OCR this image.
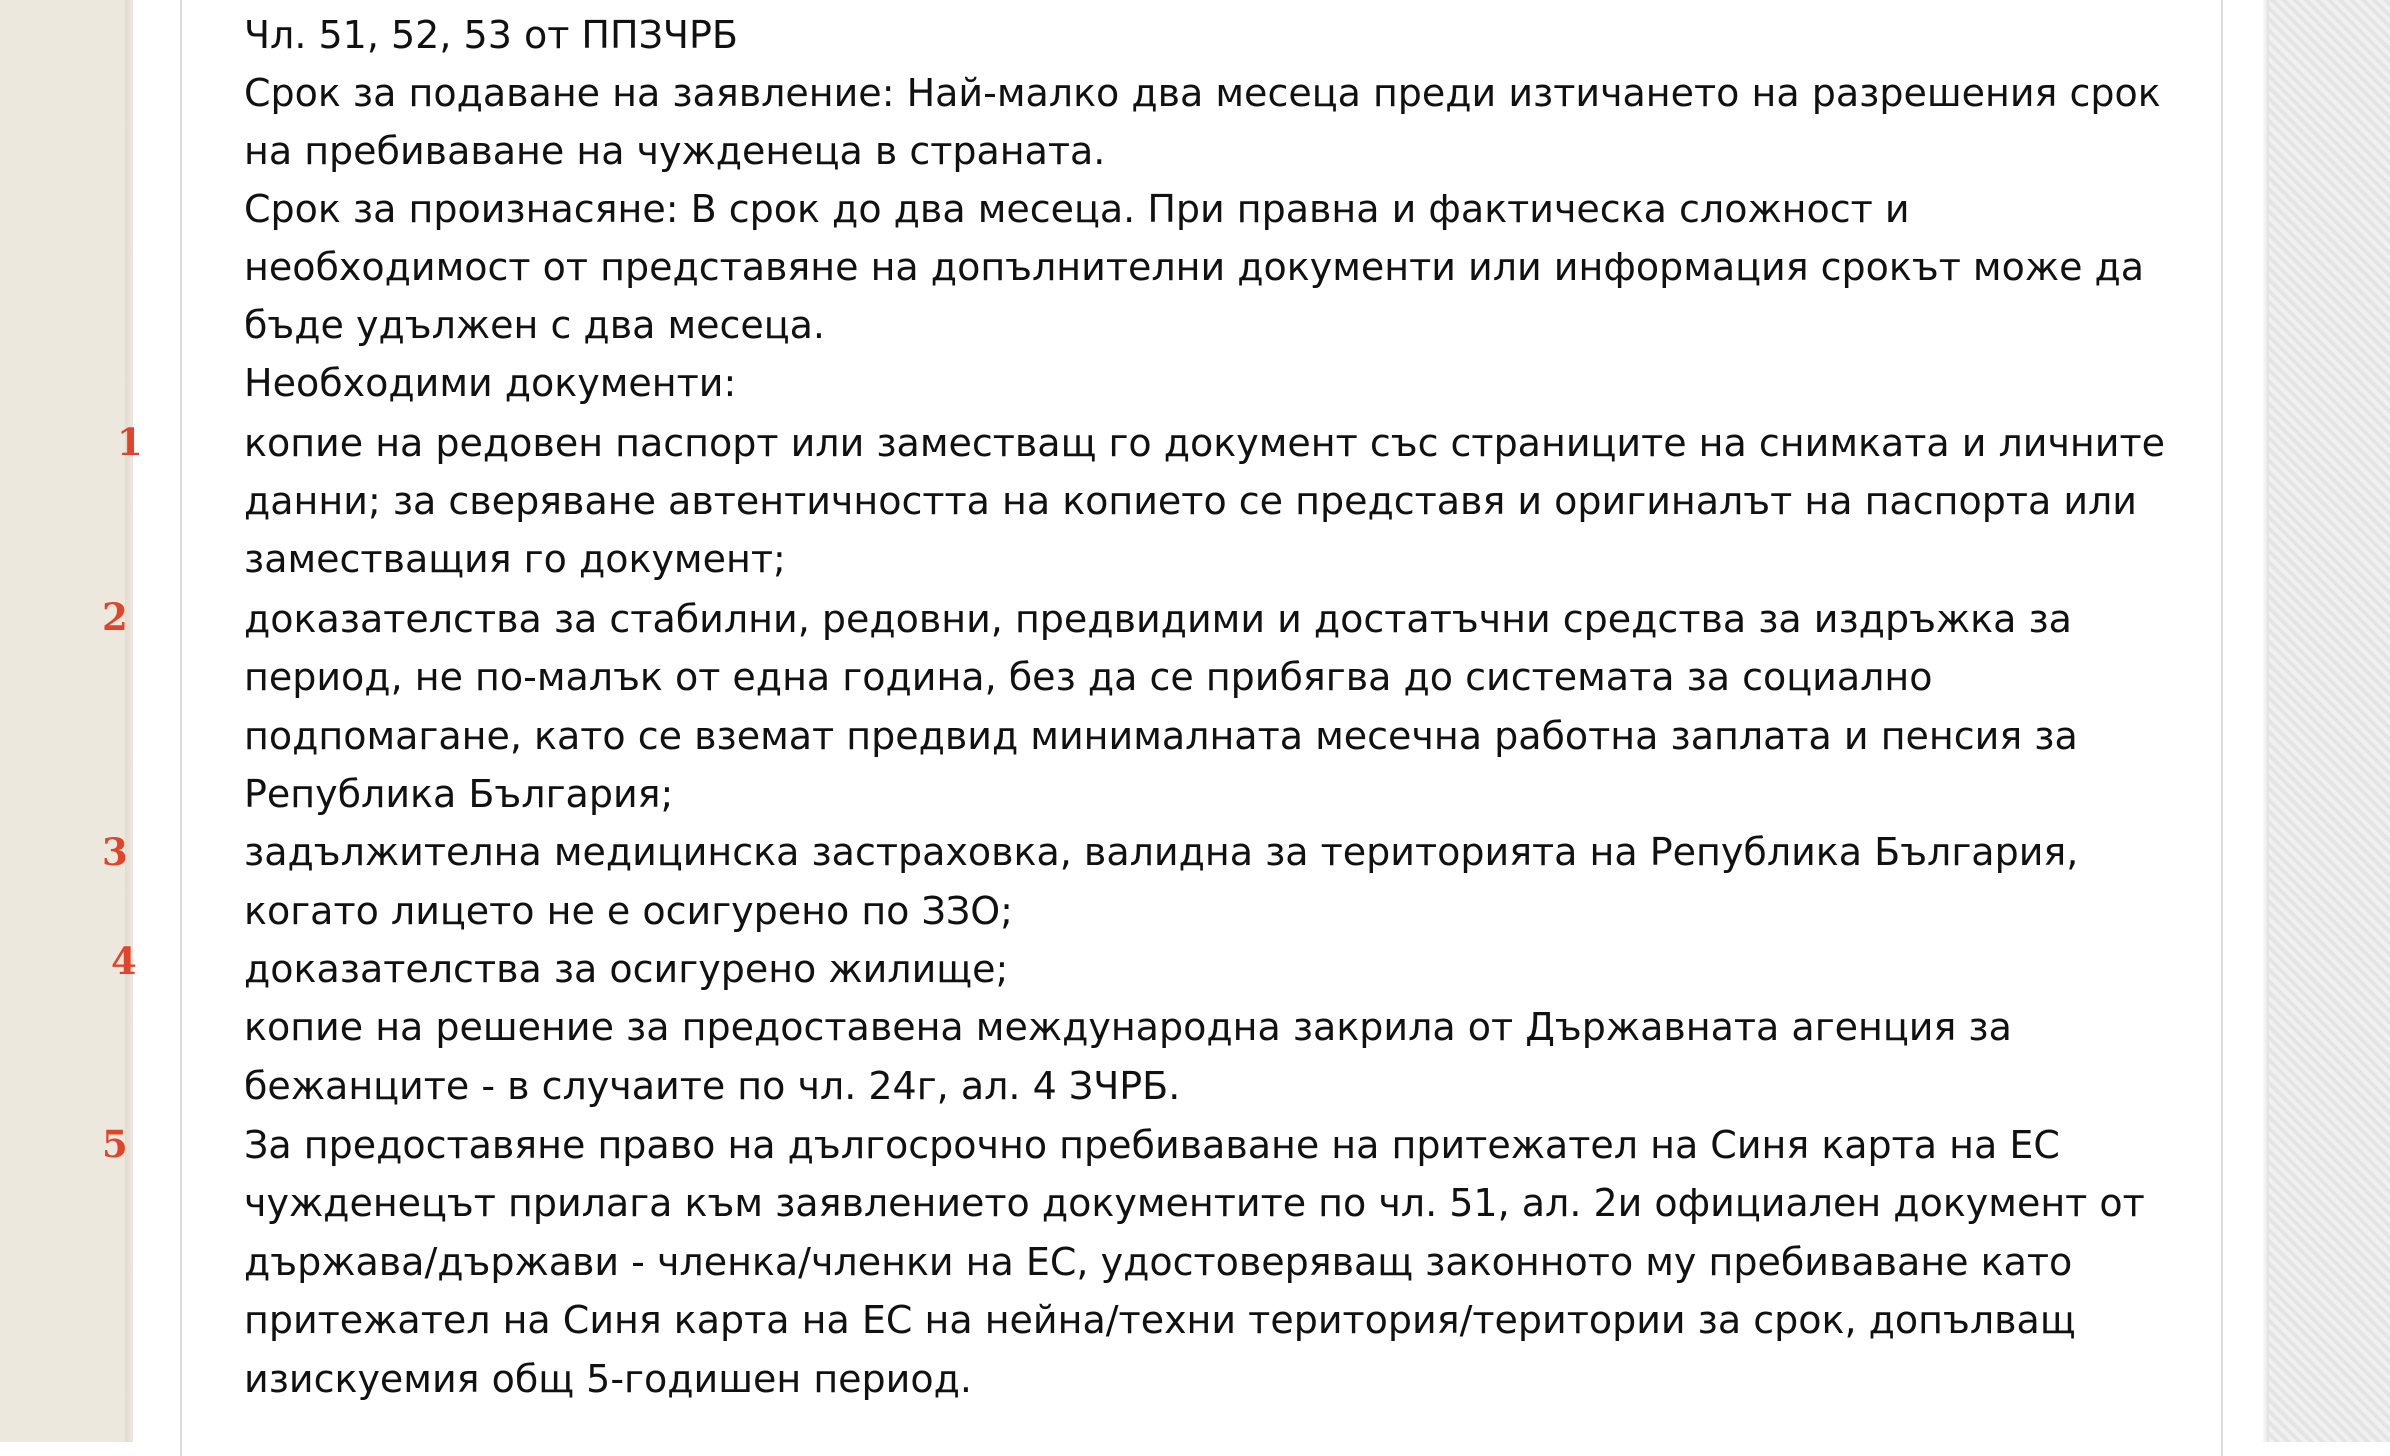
1
2
3
4
5
Чл. 51, 52, 53 от ППЗЧРБ
Срок за подаване на заявление: Най-малко два месеца преди изтичането на разрешения срок
на пребиваване на чужденеца в страната.
Срок за произнасяне: В срок до два месеца. При правна и фактическа сложност и
необходимост от представяне на допълнителни документи или информация срокът може да
бъде удължен с два месеца.
Необходими документи:
копие на редовен паспорт или заместващ го документ със страниците на снимката и личните
данни; за сверяване автентичността на копието се представя и оригиналът на паспорта или
заместващия го документ;
доказателства за стабилни, редовни, предвидими и достатъчни средства за издръжка за
период, не по-малък от една година, без да се прибягва до системата за социално
подпомагане, като се вземат предвид минималната месечна работна заплата и пенсия за
Република България;
задължителна медицинска застраховка, валидна за територията на Република България,
когато лицето не е осигурено по ЗЗО;
доказателства за осигурено жилище;
копие на решение за предоставена международна закрила от Държавната агенция за
бежанците - в случаите по чл. 24г, ал. 4 ЗЧРБ.
За предоставяне право на дългосрочно пребиваване на притежател на Синя карта на ЕС
чужденецът прилага към заявлението документите по чл. 51, ал. 2и официален документ от
държава/държави - членка/членки на ЕС, удостоверяващ законното му пребиваване като
притежател на Синя карта на ЕС на нейна/техни територия/територии за срок, допълващ
изискуемия общ 5-годишен период.
